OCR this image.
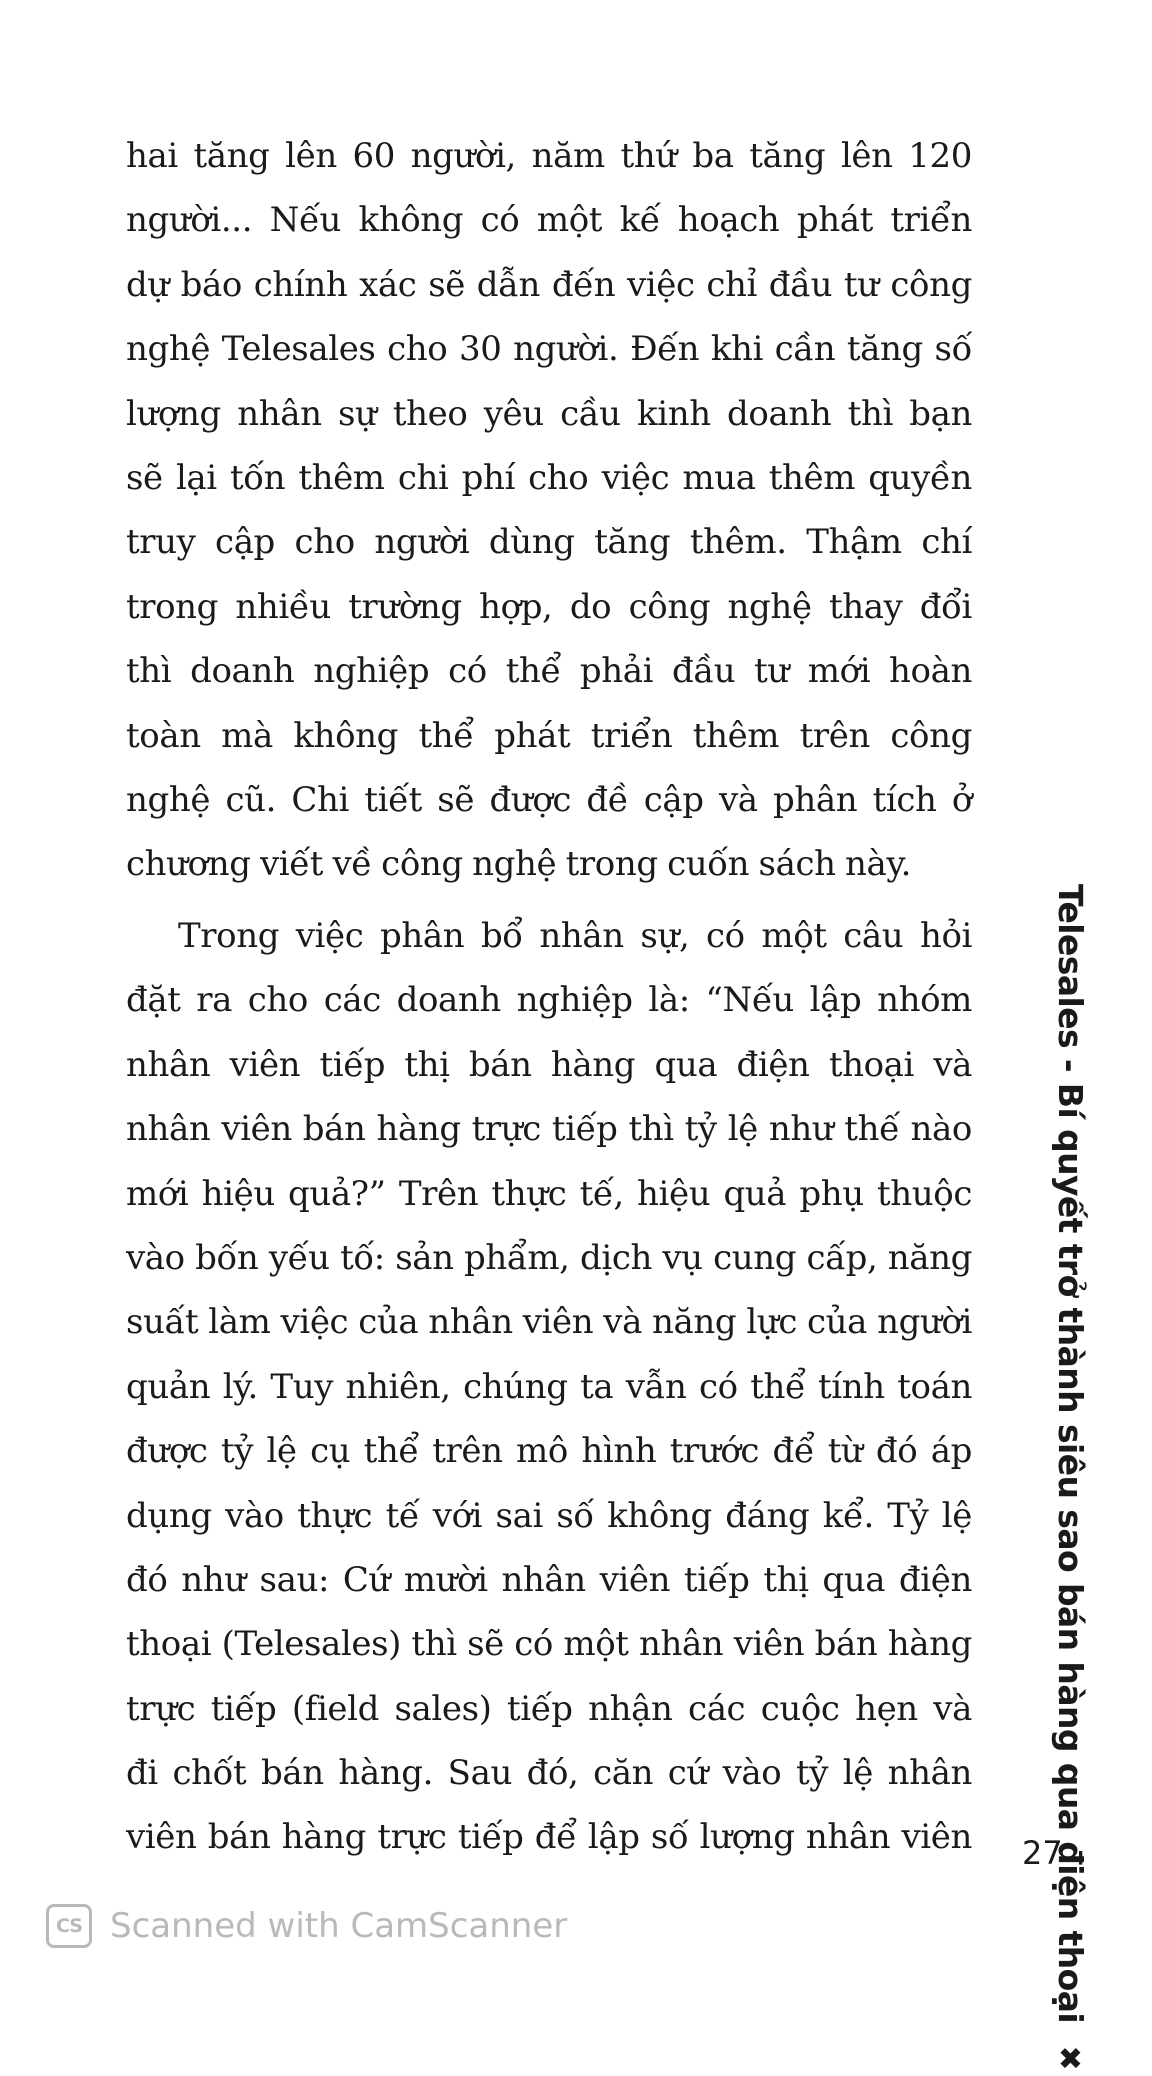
hai tăng lên 60 người, năm thứ ba tăng lên 120
người... Nếu không có một kế hoạch phát triển
dự báo chính xác sẽ dẫn đến việc chỉ đầu tư công
nghệ Telesales cho 30 người. Đến khi cần tăng số
lượng nhân sự theo yêu cầu kinh doanh thì bạn
sẽ lại tốn thêm chi phí cho việc mua thêm quyền
truy cập cho người dùng tăng thêm. Thậm chí
trong nhiều trường hợp, do công nghệ thay đổi
thì doanh nghiệp có thể phải đầu tư mới hoàn
toàn mà không thể phát triển thêm trên công
nghệ cũ. Chi tiết sẽ được đề cập và phân tích ở
chương viết về công nghệ trong cuốn sách này.
Trong việc phân bổ nhân sự, có một câu hỏi
đặt ra cho các doanh nghiệp là: “Nếu lập nhóm
nhân viên tiếp thị bán hàng qua điện thoại và
nhân viên bán hàng trực tiếp thì tỷ lệ như thế nào
mới hiệu quả?” Trên thực tế, hiệu quả phụ thuộc
vào bốn yếu tố: sản phẩm, dịch vụ cung cấp, năng
suất làm việc của nhân viên và năng lực của người
quản lý. Tuy nhiên, chúng ta vẫn có thể tính toán
được tỷ lệ cụ thể trên mô hình trước để từ đó áp
dụng vào thực tế với sai số không đáng kể. Tỷ lệ
đó như sau: Cứ mười nhân viên tiếp thị qua điện
thoại (Telesales) thì sẽ có một nhân viên bán hàng
trực tiếp (field sales) tiếp nhận các cuộc hẹn và
đi chốt bán hàng. Sau đó, căn cứ vào tỷ lệ nhân
viên bán hàng trực tiếp để lập số lượng nhân viên	Telesales - Bí quyết trở thành siêu sao bán hàng qua điện thoại ✖
27
CS Scanned with CamScanner
